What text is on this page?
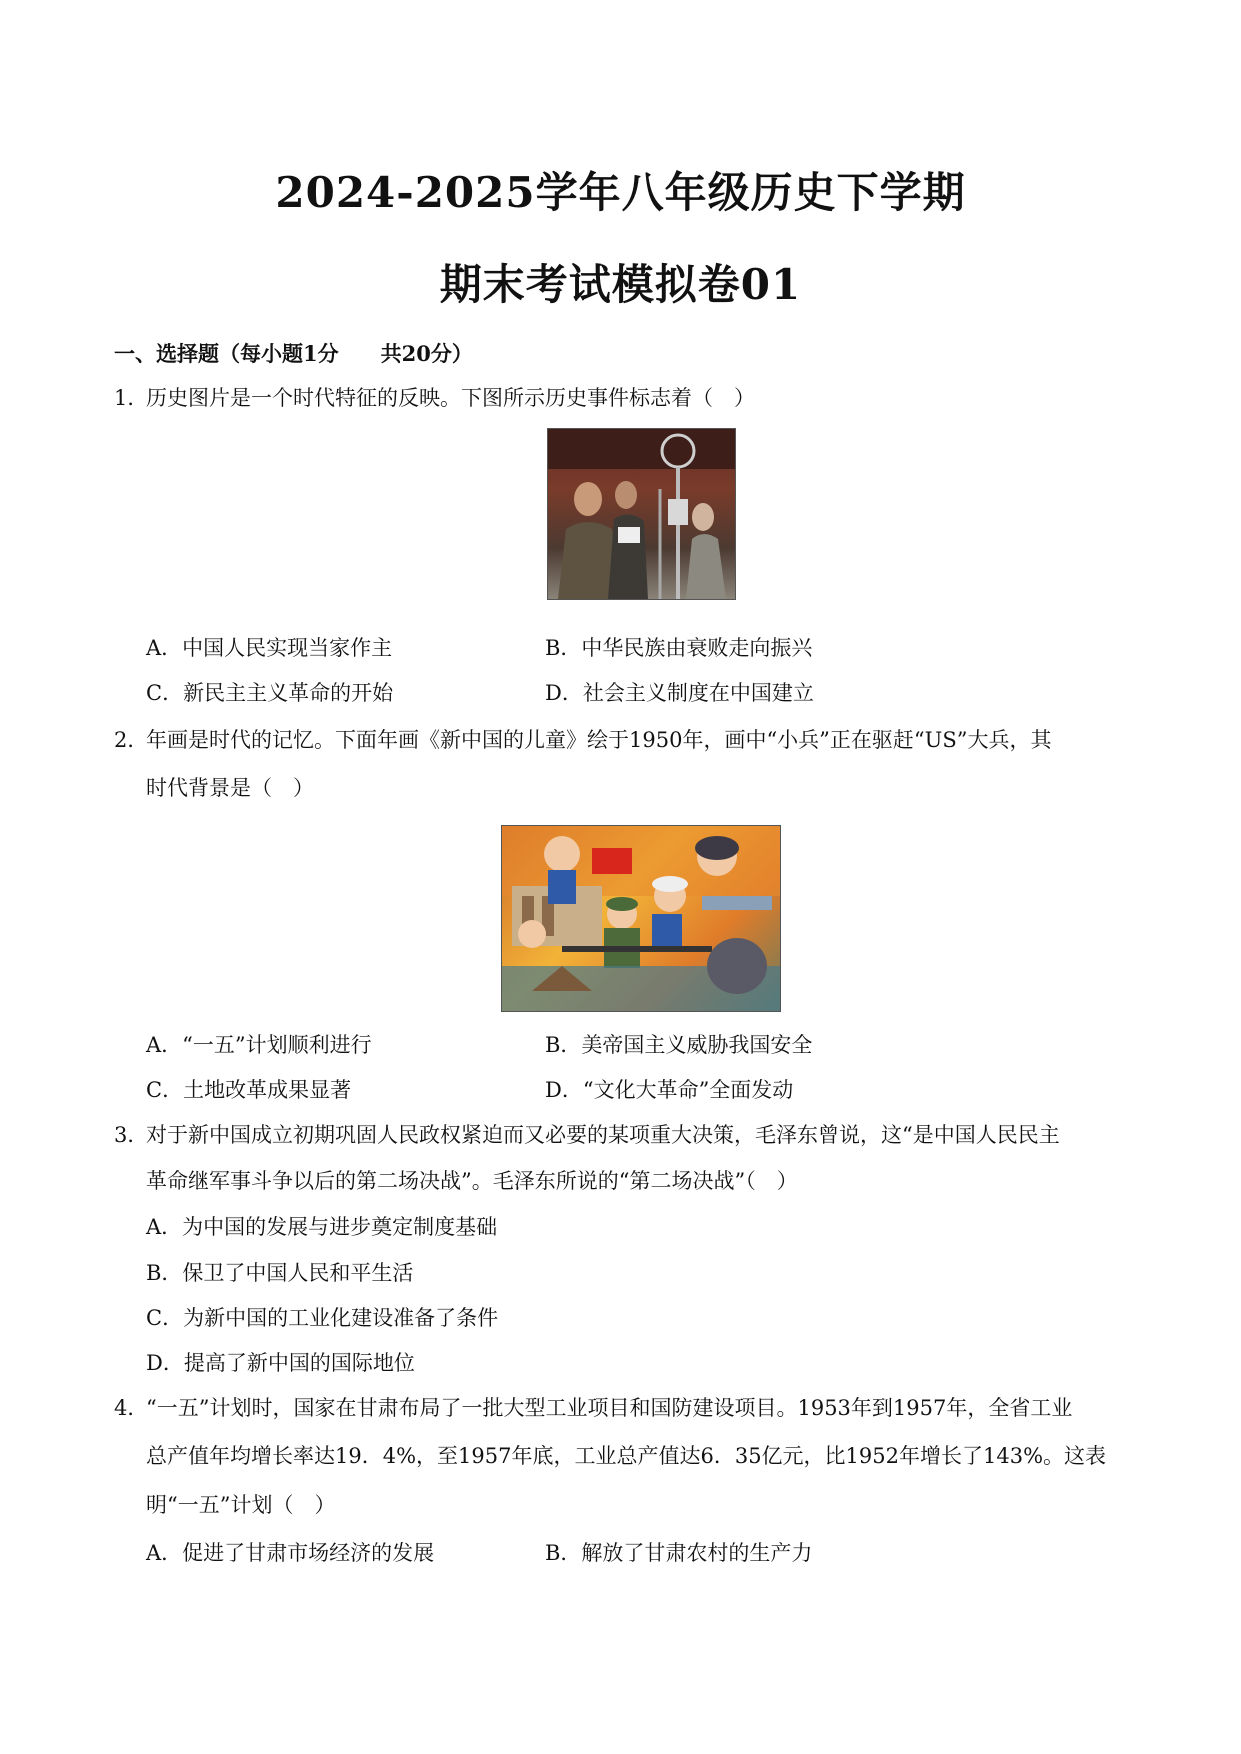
2024-2025学年八年级历史下学期
期末考试模拟卷01
一、选择题（每小题1分　　共20分）
1．历史图片是一个时代特征的反映。下图所示历史事件标志着（　）
A．中国人民实现当家作主	B．中华民族由衰败走向振兴
C．新民主主义革命的开始	D．社会主义制度在中国建立
2．年画是时代的记忆。下面年画《新中国的儿童》绘于1950年，画中“小兵”正在驱赶“US”大兵，其
时代背景是（　）
A．“一五”计划顺利进行	B．美帝国主义威胁我国安全
C．土地改革成果显著	D．“文化大革命”全面发动
3．对于新中国成立初期巩固人民政权紧迫而又必要的某项重大决策，毛泽东曾说，这“是中国人民民主
革命继军事斗争以后的第二场决战”。毛泽东所说的“第二场决战”（　）
A．为中国的发展与进步奠定制度基础
B．保卫了中国人民和平生活
C．为新中国的工业化建设准备了条件
D．提高了新中国的国际地位
4．“一五”计划时，国家在甘肃布局了一批大型工业项目和国防建设项目。1953年到1957年，全省工业
总产值年均增长率达19．4%，至1957年底，工业总产值达6．35亿元，比1952年增长了143%。这表
明“一五”计划（　）
A．促进了甘肃市场经济的发展	B．解放了甘肃农村的生产力
